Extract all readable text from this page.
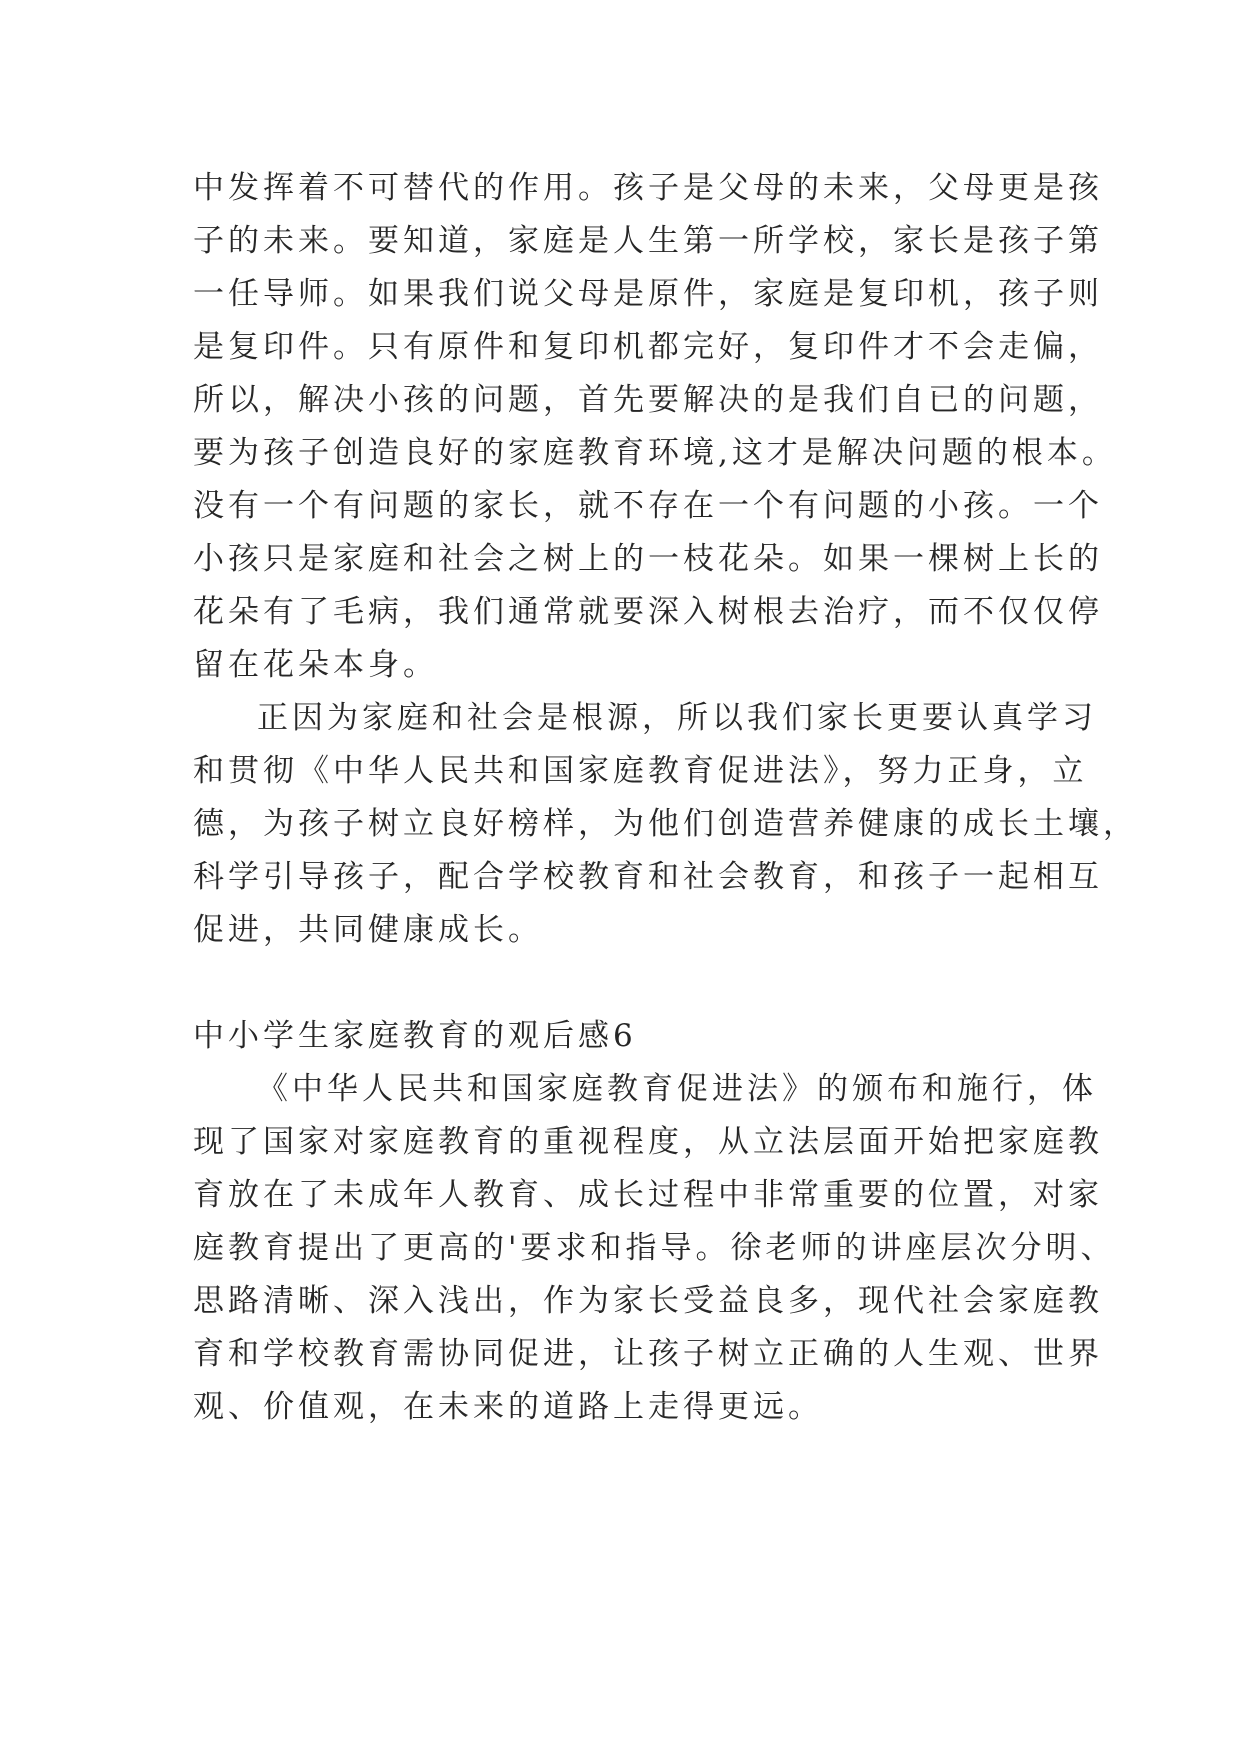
中发挥着不可替代的作用。孩子是父母的未来，父母更是孩
子的未来。要知道，家庭是人生第一所学校，家长是孩子第
一任导师。如果我们说父母是原件，家庭是复印机，孩子则
是复印件。只有原件和复印机都完好，复印件才不会走偏，
所以，解决小孩的问题，首先要解决的是我们自已的问题，
要为孩子创造良好的家庭教育环境,这才是解决问题的根本。
没有一个有问题的家长，就不存在一个有问题的小孩。一个
小孩只是家庭和社会之树上的一枝花朵。如果一棵树上长的
花朵有了毛病，我们通常就要深入树根去治疗，而不仅仅停
留在花朵本身。
正因为家庭和社会是根源，所以我们家长更要认真学习
和贯彻《中华人民共和国家庭教育促进法》，努力正身，立
德，为孩子树立良好榜样，为他们创造营养健康的成长土壤，
科学引导孩子，配合学校教育和社会教育，和孩子一起相互
促进，共同健康成长。
中小学生家庭教育的观后感6
《中华人民共和国家庭教育促进法》的颁布和施行，体
现了国家对家庭教育的重视程度，从立法层面开始把家庭教
育放在了未成年人教育、成长过程中非常重要的位置，对家
庭教育提出了更高的'要求和指导。徐老师的讲座层次分明、
思路清晰、深入浅出，作为家长受益良多，现代社会家庭教
育和学校教育需协同促进，让孩子树立正确的人生观、世界
观、价值观，在未来的道路上走得更远。
